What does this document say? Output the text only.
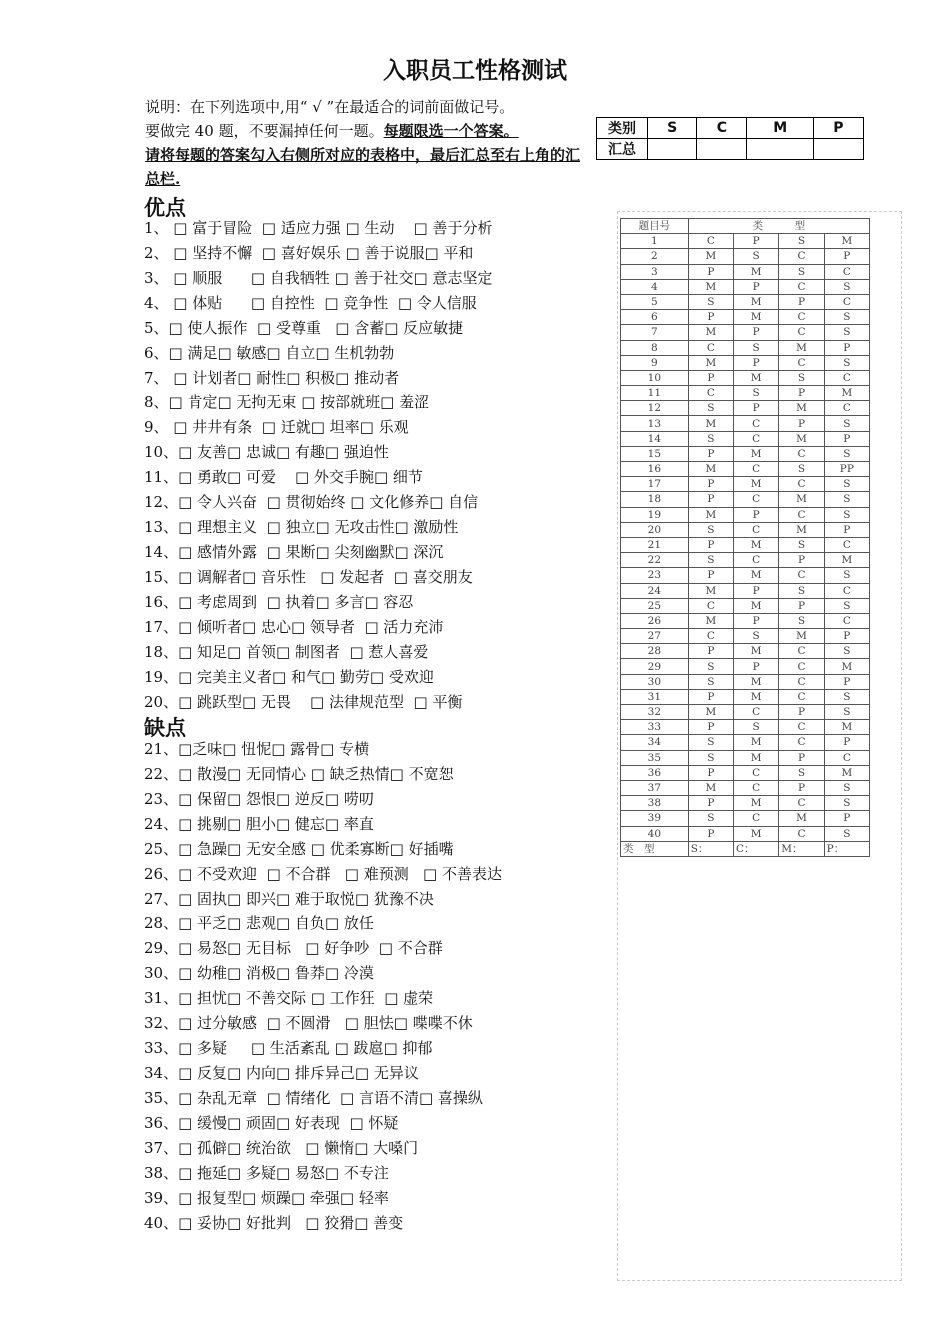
入职员工性格测试
说明：在下列选项中,用“ √ ”在最适合的词前面做记号。
要做完 40 题，不要漏掉任何一题。每题限选一个答案。
请将每题的答案勾入右侧所对应的表格中，最后汇总至右上角的汇总栏.
优点
1、 □ 富于冒险  □ 适应力强 □ 生动    □ 善于分析
2、 □ 坚持不懈  □ 喜好娱乐 □ 善于说服□ 平和
3、 □ 顺服      □ 自我牺牲 □ 善于社交□ 意志坚定
4、 □ 体贴      □ 自控性  □ 竞争性  □ 令人信服
5、□ 使人振作  □ 受尊重   □ 含蓄□ 反应敏捷
6、□ 满足□ 敏感□ 自立□ 生机勃勃
7、 □ 计划者□ 耐性□ 积极□ 推动者
8、□ 肯定□ 无拘无束 □ 按部就班□ 羞涩
9、 □ 井井有条  □ 迁就□ 坦率□ 乐观
10、□ 友善□ 忠诚□ 有趣□ 强迫性
11、□ 勇敢□ 可爱    □ 外交手腕□ 细节
12、□ 令人兴奋  □ 贯彻始终 □ 文化修养□ 自信
13、□ 理想主义  □ 独立□ 无攻击性□ 激励性
14、□ 感情外露  □ 果断□ 尖刻幽默□ 深沉
15、□ 调解者□ 音乐性   □ 发起者  □ 喜交朋友
16、□ 考虑周到  □ 执着□ 多言□ 容忍
17、□ 倾听者□ 忠心□ 领导者  □ 活力充沛
18、□ 知足□ 首领□ 制图者  □ 惹人喜爱
19、□ 完美主义者□ 和气□ 勤劳□ 受欢迎
20、□ 跳跃型□ 无畏    □ 法律规范型  □ 平衡
缺点
21、□乏味□ 忸怩□ 露骨□ 专横
22、□ 散漫□ 无同情心 □ 缺乏热情□ 不宽恕
23、□ 保留□ 怨恨□ 逆反□ 唠叨
24、□ 挑剔□ 胆小□ 健忘□ 率直
25、□ 急躁□ 无安全感 □ 优柔寡断□ 好插嘴
26、□ 不受欢迎  □ 不合群   □ 难预测   □ 不善表达
27、□ 固执□ 即兴□ 难于取悦□ 犹豫不决
28、□ 平乏□ 悲观□ 自负□ 放任
29、□ 易怒□ 无目标   □ 好争吵  □ 不合群
30、□ 幼稚□ 消极□ 鲁莽□ 冷漠
31、□ 担忧□ 不善交际 □ 工作狂  □ 虚荣
32、□ 过分敏感  □ 不圆滑   □ 胆怯□ 喋喋不休
33、□ 多疑     □ 生活紊乱 □ 跋扈□ 抑郁
34、□ 反复□ 内向□ 排斥异己□ 无异议
35、□ 杂乱无章  □ 情绪化  □ 言语不清□ 喜操纵
36、□ 缓慢□ 顽固□ 好表现  □ 怀疑
37、□ 孤僻□ 统治欲   □ 懒惰□ 大嗓门
38、□ 拖延□ 多疑□ 易怒□ 不专注
39、□ 报复型□ 烦躁□ 牵强□ 轻率
40、□ 妥协□ 好批判   □ 狡猾□ 善变
类别	S	C	M	P
汇总				
题目号	类　　　型			
1	C	P	S	M
2	M	S	C	P
3	P	M	S	C
4	M	P	C	S
5	S	M	P	C
6	P	M	C	S
7	M	P	C	S
8	C	S	M	P
9	M	P	C	S
10	P	M	S	C
11	C	S	P	M
12	S	P	M	C
13	M	C	P	S
14	S	C	M	P
15	P	M	C	S
16	M	C	S	PP
17	P	M	C	S
18	P	C	M	S
19	M	P	C	S
20	S	C	M	P
21	P	M	S	C
22	S	C	P	M
23	P	M	C	S
24	M	P	S	C
25	C	M	P	S
26	M	P	S	C
27	C	S	M	P
28	P	M	C	S
29	S	P	C	M
30	S	M	C	P
31	P	M	C	S
32	M	C	P	S
33	P	S	C	M
34	S	M	C	P
35	S	M	P	C
36	P	C	S	M
37	M	C	P	S
38	P	M	C	S
39	S	C	M	P
40	P	M	C	S
类　型	S：	C：	M：	P：
